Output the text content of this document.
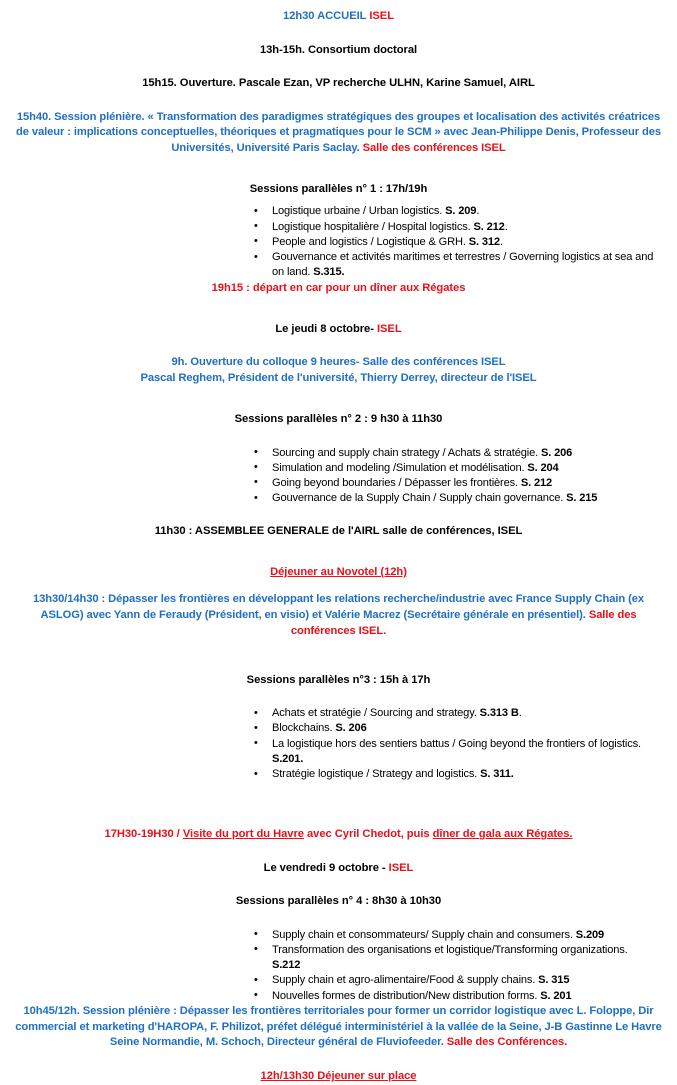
12h30 ACCUEIL ISEL
13h-15h. Consortium doctoral
15h15. Ouverture. Pascale Ezan, VP recherche ULHN, Karine Samuel, AIRL
15h40. Session plénière. « Transformation des paradigmes stratégiques des groupes et localisation des activités créatrices de valeur : implications conceptuelles, théoriques et pragmatiques pour le SCM » avec Jean-Philippe Denis, Professeur des Universités, Université Paris Saclay. Salle des conférences ISEL
Sessions parallèles n° 1 : 17h/19h
• Logistique urbaine / Urban logistics. S. 209.
• Logistique hospitalière / Hospital logistics. S. 212.
• People and logistics / Logistique & GRH. S. 312.
• Gouvernance et activités maritimes et terrestres / Governing logistics at sea and
on land. S.315.
19h15 : départ en car pour un dîner aux Régates
Le jeudi 8 octobre- ISEL
9h. Ouverture du colloque 9 heures- Salle des conférences ISEL
Pascal Reghem, Président de l'université, Thierry Derrey, directeur de l'ISEL
Sessions parallèles n° 2 : 9 h30 à 11h30
• Sourcing and supply chain strategy / Achats & stratégie. S. 206
• Simulation and modeling /Simulation et modélisation. S. 204
• Going beyond boundaries / Dépasser les frontières. S. 212
• Gouvernance de la Supply Chain / Supply chain governance. S. 215
11h30 : ASSEMBLEE GENERALE de l'AIRL salle de conférences, ISEL
Déjeuner au Novotel (12h)
13h30/14h30 : Dépasser les frontières en développant les relations recherche/industrie avec France Supply Chain (ex ASLOG) avec Yann de Feraudy (Président, en visio) et Valérie Macrez (Secrétaire générale en présentiel). Salle des conférences ISEL.
Sessions parallèles n°3 : 15h à 17h
• Achats et stratégie / Sourcing and strategy. S.313 B.
• Blockchains. S. 206
• La logistique hors des sentiers battus / Going beyond the frontiers of logistics.
S.201.
• Stratégie logistique / Strategy and logistics. S. 311.
17H30-19H30 / Visite du port du Havre avec Cyril Chedot, puis dîner de gala aux Régates.
Le vendredi 9 octobre - ISEL
Sessions parallèles n° 4 : 8h30 à 10h30
• Supply chain et consommateurs/ Supply chain and consumers. S.209
• Transformation des organisations et logistique/Transforming organizations.
S.212
• Supply chain et agro-alimentaire/Food & supply chains. S. 315
• Nouvelles formes de distribution/New distribution forms. S. 201
10h45/12h. Session plénière : Dépasser les frontières territoriales pour former un corridor logistique avec L. Foloppe, Dir commercial et marketing d'HAROPA, F. Philizot, préfet délégué interministériel à la vallée de la Seine, J-B Gastinne Le Havre Seine Normandie, M. Schoch, Directeur général de Fluviofeeder. Salle des Conférences.
12h/13h30 Déjeuner sur place
